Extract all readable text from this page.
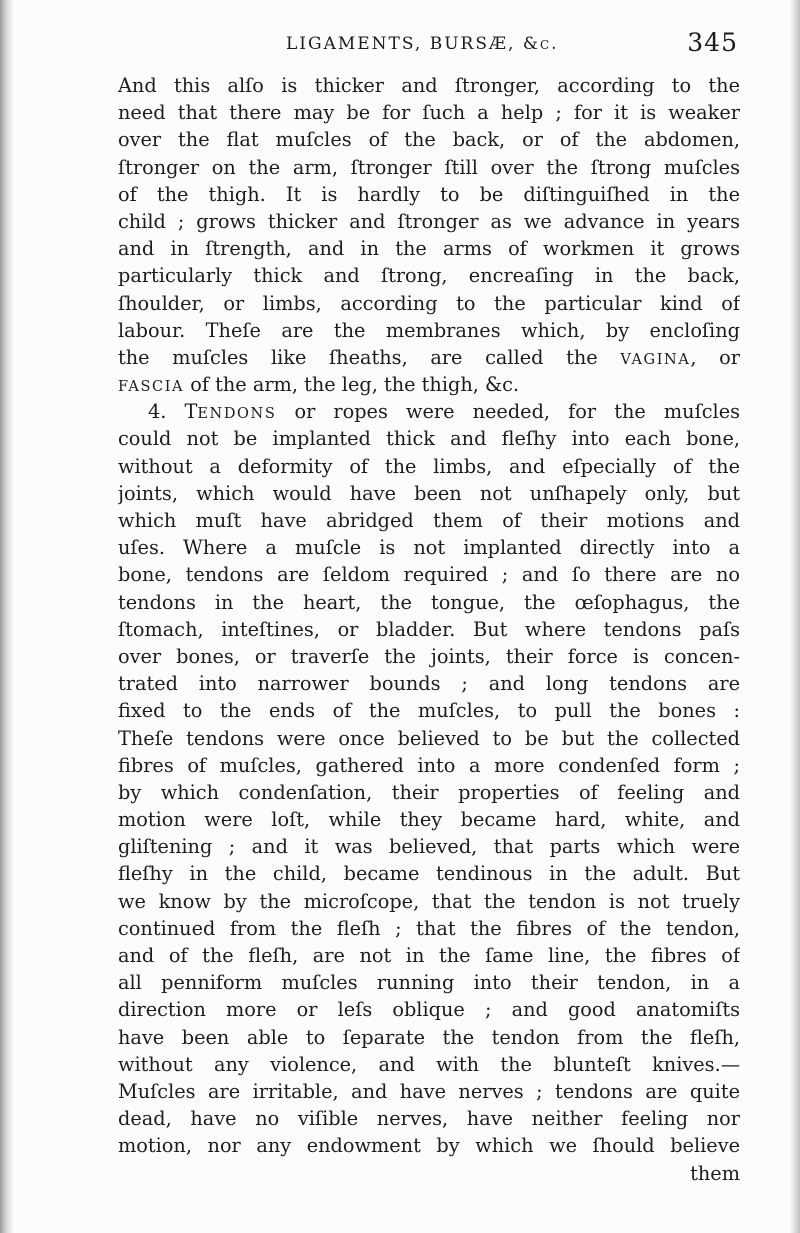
LIGAMENTS, BURSÆ, &c.	345
And this alſo is thicker and ſtronger, according to the
need that there may be for ſuch a help ; for it is weaker
over the flat muſcles of the back, or of the abdomen,
ſtronger on the arm, ſtronger ſtill over the ſtrong muſcles
of the thigh. It is hardly to be diſtinguiſhed in the
child ; grows thicker and ſtronger as we advance in years
and in ſtrength, and in the arms of workmen it grows
particularly thick and ſtrong, encreaſing in the back,
ſhoulder, or limbs, according to the particular kind of
labour. Theſe are the membranes which, by encloſing
the muſcles like ſheaths, are called the VAGINA, or
FASCIA of the arm, the leg, the thigh, &c.
4. TENDONS or ropes were needed, for the muſcles
could not be implanted thick and fleſhy into each bone,
without a deformity of the limbs, and eſpecially of the
joints, which would have been not unſhapely only, but
which muſt have abridged them of their motions and
uſes. Where a muſcle is not implanted directly into a
bone, tendons are ſeldom required ; and ſo there are no
tendons in the heart, the tongue, the œſophagus, the
ſtomach, inteſtines, or bladder. But where tendons paſs
over bones, or traverſe the joints, their force is concen-
trated into narrower bounds ; and long tendons are
fixed to the ends of the muſcles, to pull the bones :
Theſe tendons were once believed to be but the collected
fibres of muſcles, gathered into a more condenſed form ;
by which condenſation, their properties of feeling and
motion were loſt, while they became hard, white, and
gliſtening ; and it was believed, that parts which were
fleſhy in the child, became tendinous in the adult. But
we know by the microſcope, that the tendon is not truely
continued from the fleſh ; that the fibres of the tendon,
and of the fleſh, are not in the ſame line, the fibres of
all penniform muſcles running into their tendon, in a
direction more or leſs oblique ; and good anatomiſts
have been able to ſeparate the tendon from the fleſh,
without any violence, and with the blunteſt knives.—
Muſcles are irritable, and have nerves ; tendons are quite
dead, have no viſible nerves, have neither feeling nor
motion, nor any endowment by which we ſhould believe
them
